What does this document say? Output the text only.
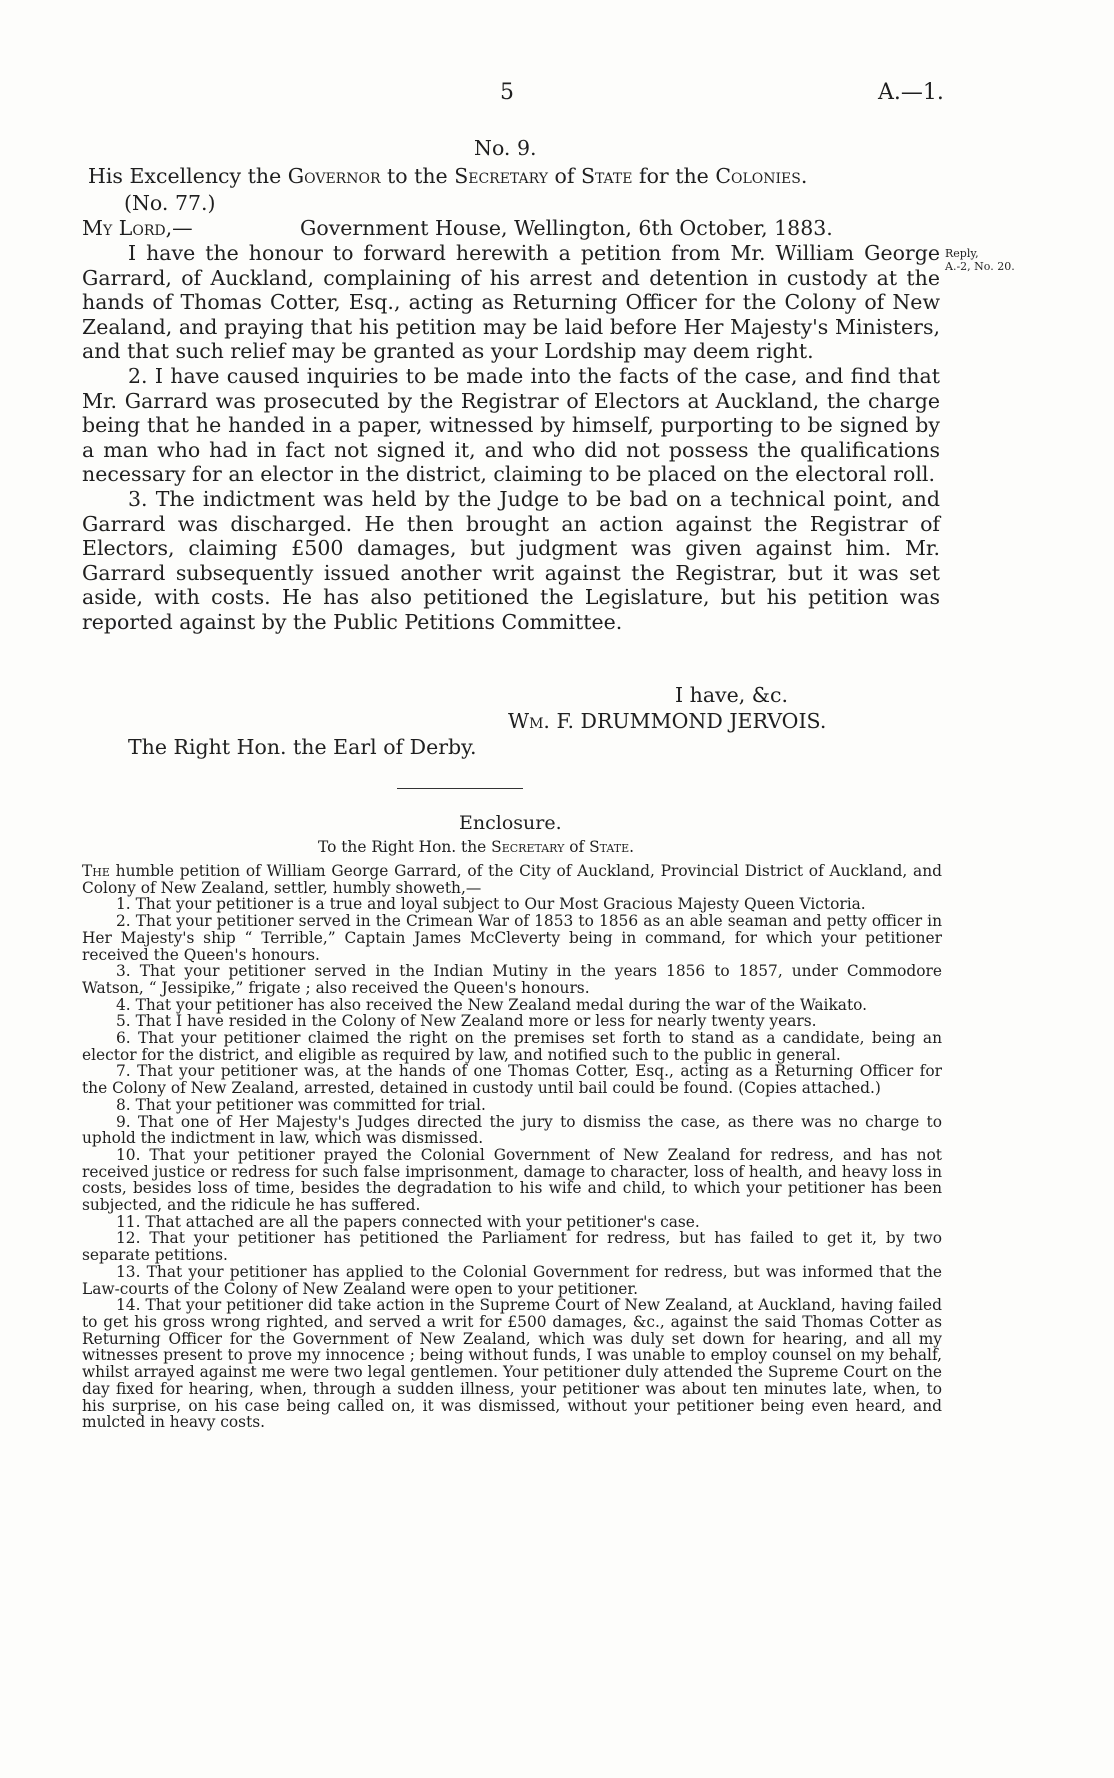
5	A.—1.
No. 9.
His Excellency the Governor to the Secretary of State for the Colonies.
(No. 77.)
My Lord,—	Government House, Wellington, 6th October, 1883.
Reply,
A.-2, No. 20.

I have the honour to forward herewith a petition from Mr. William George Garrard, of Auckland, complaining of his arrest and detention in custody at the hands of Thomas Cotter, Esq., acting as Returning Officer for the Colony of New Zealand, and praying that his petition may be laid before Her Majesty's Ministers, and that such relief may be granted as your Lordship may deem right.

2. I have caused inquiries to be made into the facts of the case, and find that Mr. Garrard was prosecuted by the Registrar of Electors at Auckland, the charge being that he handed in a paper, witnessed by himself, purporting to be signed by a man who had in fact not signed it, and who did not possess the qualifications necessary for an elector in the district, claiming to be placed on the electoral roll.

3. The indictment was held by the Judge to be bad on a technical point, and Garrard was discharged. He then brought an action against the Registrar of Electors, claiming £500 damages, but judgment was given against him. Mr. Garrard subsequently issued another writ against the Registrar, but it was set aside, with costs. He has also petitioned the Legislature, but his petition was reported against by the Public Petitions Committee.

I have, &c.
Wm. F. DRUMMOND JERVOIS.
The Right Hon. the Earl of Derby.
Enclosure.
To the Right Hon. the Secretary of State.

The humble petition of William George Garrard, of the City of Auckland, Provincial District of Auckland, and Colony of New Zealand, settler, humbly showeth,—

1. That your petitioner is a true and loyal subject to Our Most Gracious Majesty Queen Victoria.

2. That your petitioner served in the Crimean War of 1853 to 1856 as an able seaman and petty officer in Her Majesty's ship “ Terrible,” Captain James McCleverty being in command, for which your petitioner received the Queen's honours.

3. That your petitioner served in the Indian Mutiny in the years 1856 to 1857, under Commodore Watson, “ Jessipike,” frigate ; also received the Queen's honours.

4. That your petitioner has also received the New Zealand medal during the war of the Waikato.

5. That I have resided in the Colony of New Zealand more or less for nearly twenty years.

6. That your petitioner claimed the right on the premises set forth to stand as a candidate, being an elector for the district, and eligible as required by law, and notified such to the public in general.

7. That your petitioner was, at the hands of one Thomas Cotter, Esq., acting as a Returning Officer for the Colony of New Zealand, arrested, detained in custody until bail could be found. (Copies attached.)

8. That your petitioner was committed for trial.

9. That one of Her Majesty's Judges directed the jury to dismiss the case, as there was no charge to uphold the indictment in law, which was dismissed.

10. That your petitioner prayed the Colonial Government of New Zealand for redress, and has not received justice or redress for such false imprisonment, damage to character, loss of health, and heavy loss in costs, besides loss of time, besides the degradation to his wife and child, to which your petitioner has been subjected, and the ridicule he has suffered.

11. That attached are all the papers connected with your petitioner's case.

12. That your petitioner has petitioned the Parliament for redress, but has failed to get it, by two separate petitions.

13. That your petitioner has applied to the Colonial Government for redress, but was informed that the Law-courts of the Colony of New Zealand were open to your petitioner.

14. That your petitioner did take action in the Supreme Court of New Zealand, at Auckland, having failed to get his gross wrong righted, and served a writ for £500 damages, &c., against the said Thomas Cotter as Returning Officer for the Government of New Zealand, which was duly set down for hearing, and all my witnesses present to prove my innocence ; being without funds, I was unable to employ counsel on my behalf, whilst arrayed against me were two legal gentlemen. Your petitioner duly attended the Supreme Court on the day fixed for hearing, when, through a sudden illness, your petitioner was about ten minutes late, when, to his surprise, on his case being called on, it was dismissed, without your petitioner being even heard, and mulcted in heavy costs.
